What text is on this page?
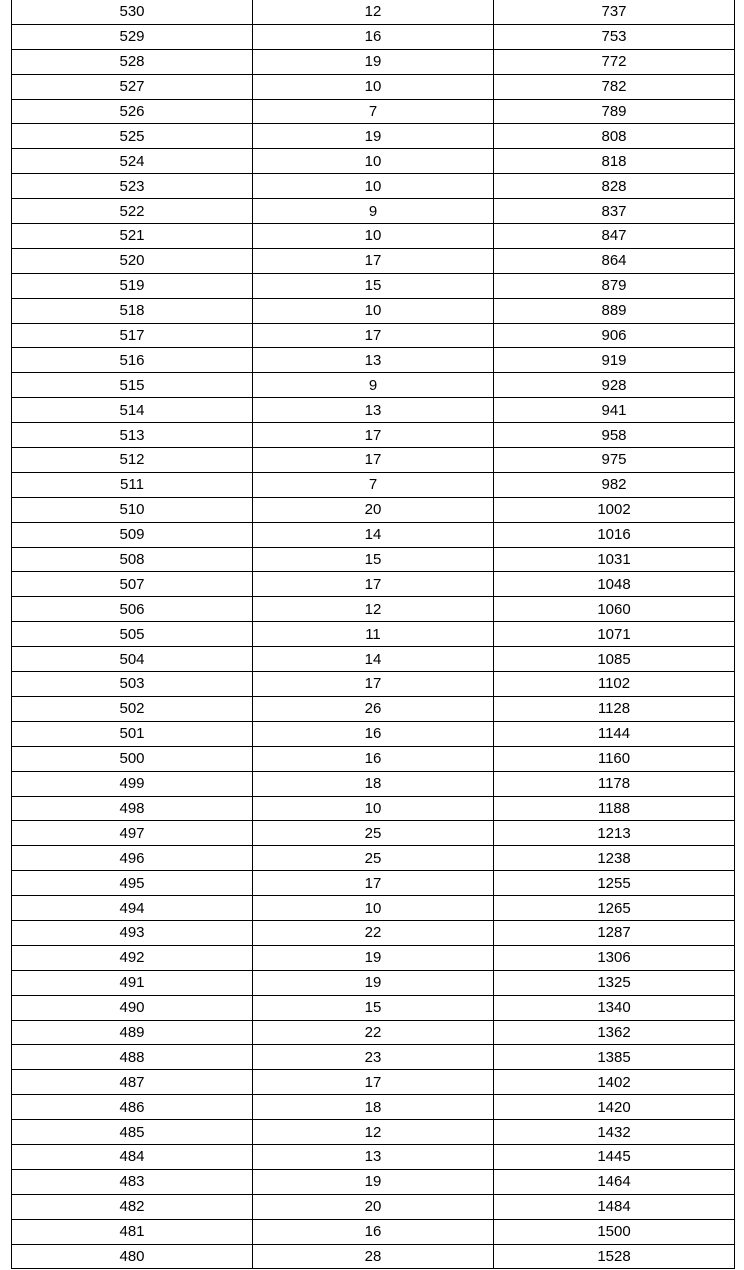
530	12	737
529	16	753
528	19	772
527	10	782
526	7	789
525	19	808
524	10	818
523	10	828
522	9	837
521	10	847
520	17	864
519	15	879
518	10	889
517	17	906
516	13	919
515	9	928
514	13	941
513	17	958
512	17	975
511	7	982
510	20	1002
509	14	1016
508	15	1031
507	17	1048
506	12	1060
505	11	1071
504	14	1085
503	17	1102
502	26	1128
501	16	1144
500	16	1160
499	18	1178
498	10	1188
497	25	1213
496	25	1238
495	17	1255
494	10	1265
493	22	1287
492	19	1306
491	19	1325
490	15	1340
489	22	1362
488	23	1385
487	17	1402
486	18	1420
485	12	1432
484	13	1445
483	19	1464
482	20	1484
481	16	1500
480	28	1528
